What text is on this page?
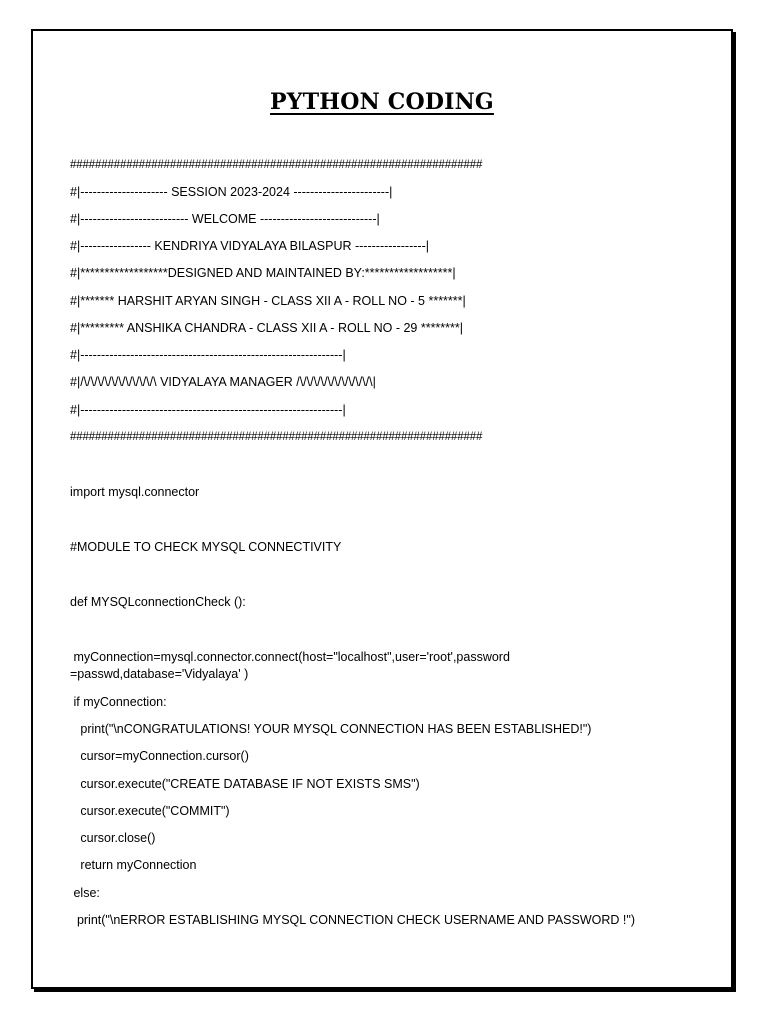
PYTHON CODING
##################################################################
#|--------------------- SESSION 2023-2024 -----------------------|
#|-------------------------- WELCOME ----------------------------|
#|----------------- KENDRIYA VIDYALAYA BILASPUR -----------------|
#|******************DESIGNED AND MAINTAINED BY:******************|
#|******* HARSHIT ARYAN SINGH - CLASS XII A - ROLL NO - 5 *******|
#|********* ANSHIKA CHANDRA - CLASS XII A - ROLL NO - 29 ********|
#|---------------------------------------------------------------|
#|/\/\/\/\/\/\/\/\/\/\/\ VIDYALAYA MANAGER /\/\/\/\/\/\/\/\/\/\/\|
#|---------------------------------------------------------------|
##################################################################
import mysql.connector
#MODULE TO CHECK MYSQL CONNECTIVITY
def MYSQLconnectionCheck ():
myConnection=mysql.connector.connect(host="localhost",user='root',password
=passwd,database='Vidyalaya' )
if myConnection:
print("\nCONGRATULATIONS! YOUR MYSQL CONNECTION HAS BEEN ESTABLISHED!")
cursor=myConnection.cursor()
cursor.execute("CREATE DATABASE IF NOT EXISTS SMS")
cursor.execute("COMMIT")
cursor.close()
return myConnection
else:
print("\nERROR ESTABLISHING MYSQL CONNECTION CHECK USERNAME AND PASSWORD !")
